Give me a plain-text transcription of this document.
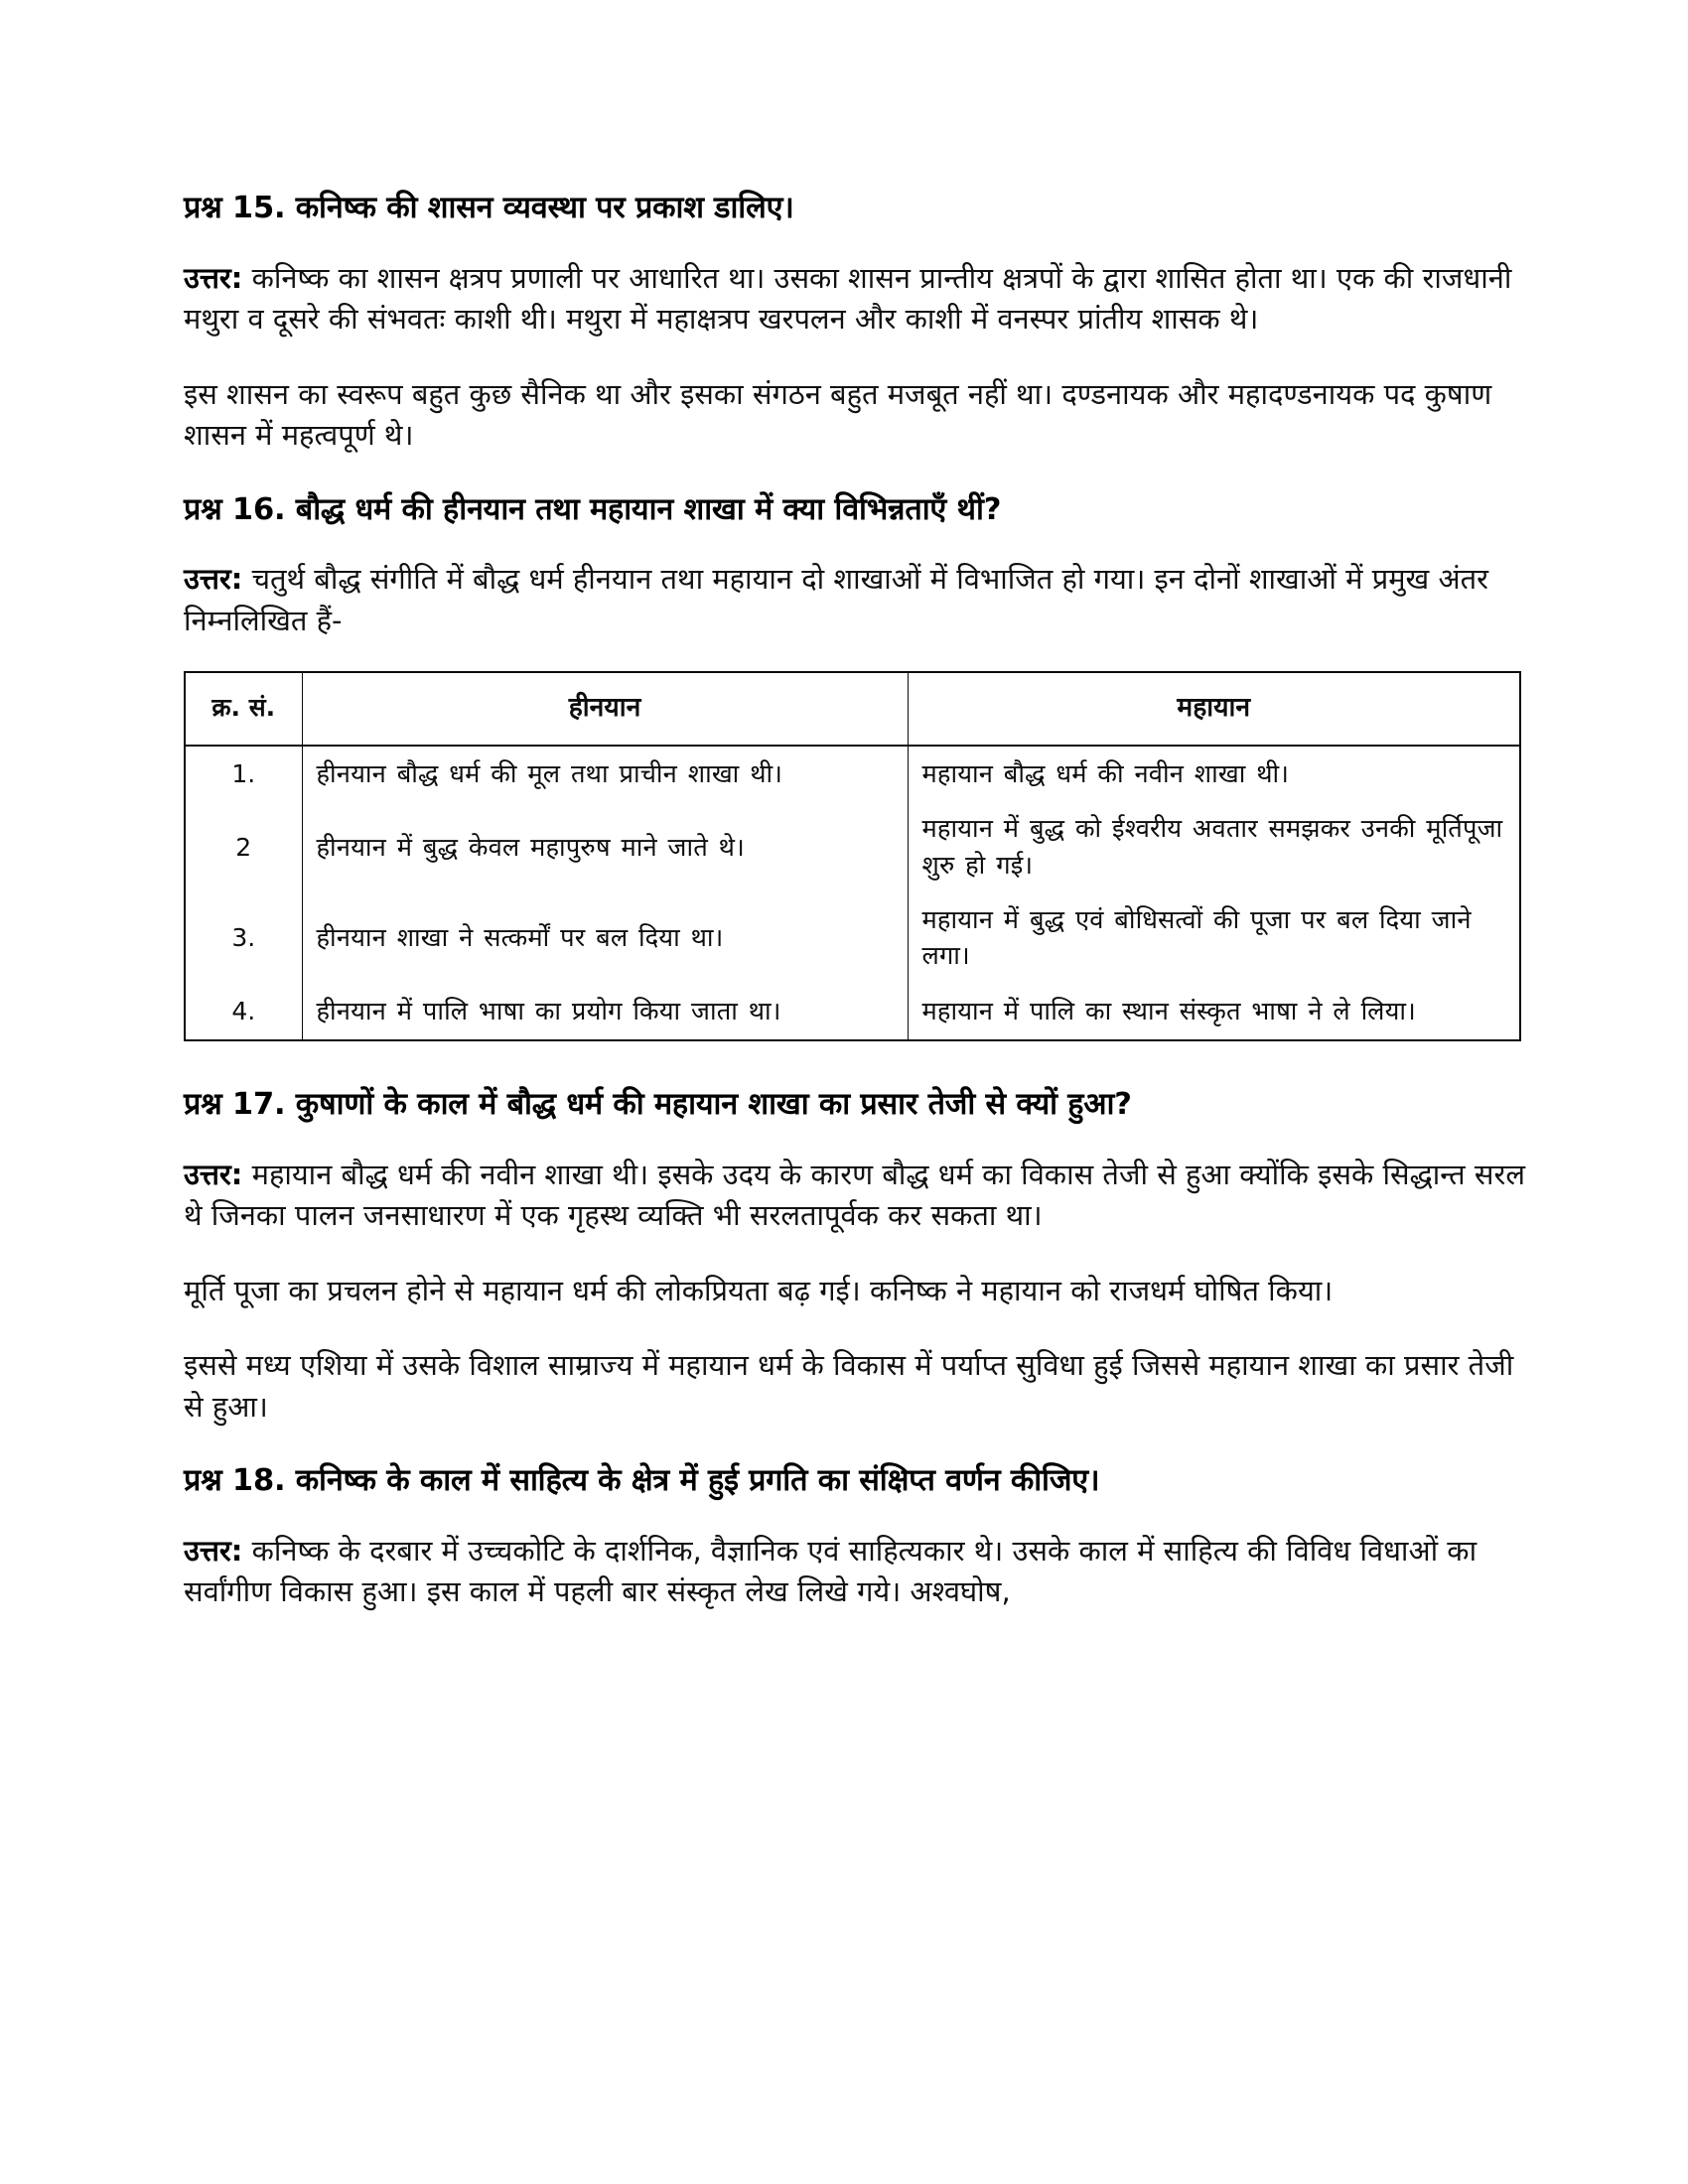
प्रश्न 15. कनिष्क की शासन व्यवस्था पर प्रकाश डालिए।

उत्तर: कनिष्क का शासन क्षत्रप प्रणाली पर आधारित था। उसका शासन प्रान्तीय क्षत्रपों के द्वारा शासित होता था। एक की राजधानी मथुरा व दूसरे की संभवतः काशी थी। मथुरा में महाक्षत्रप खरपलन और काशी में वनस्पर प्रांतीय शासक थे।

इस शासन का स्वरूप बहुत कुछ सैनिक था और इसका संगठन बहुत मजबूत नहीं था। दण्डनायक और महादण्डनायक पद कुषाण शासन में महत्वपूर्ण थे।

प्रश्न 16. बौद्ध धर्म की हीनयान तथा महायान शाखा में क्या विभिन्नताएँ थीं?

उत्तर: चतुर्थ बौद्ध संगीति में बौद्ध धर्म हीनयान तथा महायान दो शाखाओं में विभाजित हो गया। इन दोनों शाखाओं में प्रमुख अंतर निम्नलिखित हैं-

क्र. सं.	हीनयान	महायान
1.	हीनयान बौद्ध धर्म की मूल तथा प्राचीन शाखा थी।	महायान बौद्ध धर्म की नवीन शाखा थी।
2	हीनयान में बुद्ध केवल महापुरुष माने जाते थे।	महायान में बुद्ध को ईश्वरीय अवतार समझकर उनकी मूर्तिपूजा शुरु हो गई।
3.	हीनयान शाखा ने सत्कर्मों पर बल दिया था।	महायान में बुद्ध एवं बोधिसत्वों की पूजा पर बल दिया जाने लगा।
4.	हीनयान में पालि भाषा का प्रयोग किया जाता था।	महायान में पालि का स्थान संस्कृत भाषा ने ले लिया।
प्रश्न 17. कुषाणों के काल में बौद्ध धर्म की महायान शाखा का प्रसार तेजी से क्यों हुआ?

उत्तर: महायान बौद्ध धर्म की नवीन शाखा थी। इसके उदय के कारण बौद्ध धर्म का विकास तेजी से हुआ क्योंकि इसके सिद्धान्त सरल थे जिनका पालन जनसाधारण में एक गृहस्थ व्यक्ति भी सरलतापूर्वक कर सकता था।

मूर्ति पूजा का प्रचलन होने से महायान धर्म की लोकप्रियता बढ़ गई। कनिष्क ने महायान को राजधर्म घोषित किया।

इससे मध्य एशिया में उसके विशाल साम्राज्य में महायान धर्म के विकास में पर्याप्त सुविधा हुई जिससे महायान शाखा का प्रसार तेजी से हुआ।

प्रश्न 18. कनिष्क के काल में साहित्य के क्षेत्र में हुई प्रगति का संक्षिप्त वर्णन कीजिए।

उत्तर: कनिष्क के दरबार में उच्चकोटि के दार्शनिक, वैज्ञानिक एवं साहित्यकार थे। उसके काल में साहित्य की विविध विधाओं का सर्वांगीण विकास हुआ। इस काल में पहली बार संस्कृत लेख लिखे गये। अश्वघोष,
